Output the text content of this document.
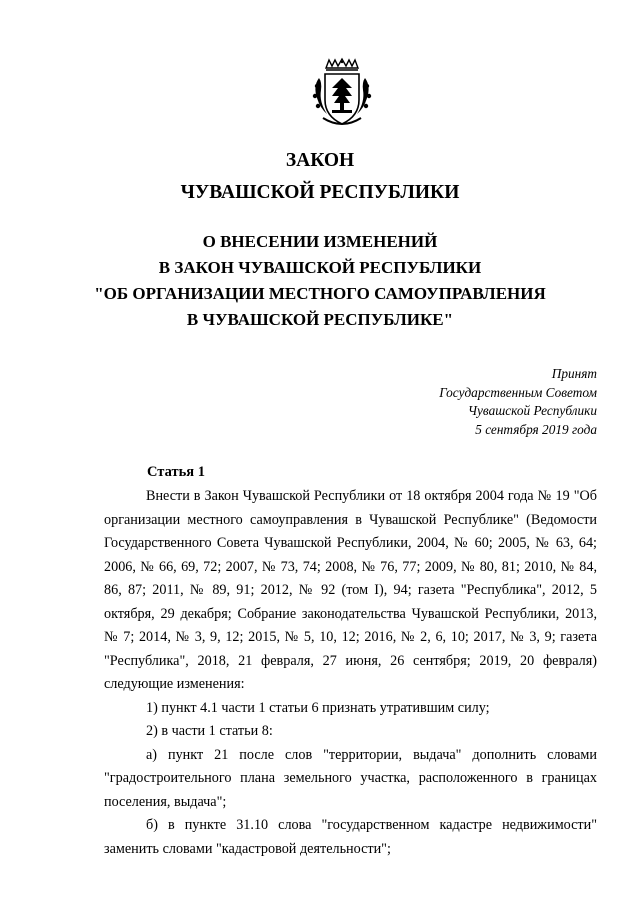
ЗАКОН
ЧУВАШСКОЙ РЕСПУБЛИКИ
О ВНЕСЕНИИ ИЗМЕНЕНИЙ
В ЗАКОН ЧУВАШСКОЙ РЕСПУБЛИКИ
"ОБ ОРГАНИЗАЦИИ МЕСТНОГО САМОУПРАВЛЕНИЯ
В ЧУВАШСКОЙ РЕСПУБЛИКЕ"
Принят
Государственным Советом
Чувашской Республики
5 сентября 2019 года
Статья 1

Внести в Закон Чувашской Республики от 18 октября 2004 года № 19 "Об организации местного самоуправления в Чувашской Республике" (Ведомости Государственного Совета Чувашской Республики, 2004, № 60; 2005, № 63, 64; 2006, № 66, 69, 72; 2007, № 73, 74; 2008, № 76, 77; 2009, № 80, 81; 2010, № 84, 86, 87; 2011, № 89, 91; 2012, № 92 (том I), 94; газета "Республика", 2012, 5 октября, 29 декабря; Собрание законодательства Чувашской Республики, 2013, № 7; 2014, № 3, 9, 12; 2015, № 5, 10, 12; 2016, № 2, 6, 10; 2017, № 3, 9; газета "Республика", 2018, 21 февраля, 27 июня, 26 сентября; 2019, 20 февраля) следующие изменения:

1) пункт 4.1 части 1 статьи 6 признать утратившим силу;

2) в части 1 статьи 8:

а) пункт 21 после слов "территории, выдача" дополнить словами "градостроительного плана земельного участка, расположенного в границах поселения, выдача";

б) в пункте 31.10 слова "государственном кадастре недвижимости" заменить словами "кадастровой деятельности";
